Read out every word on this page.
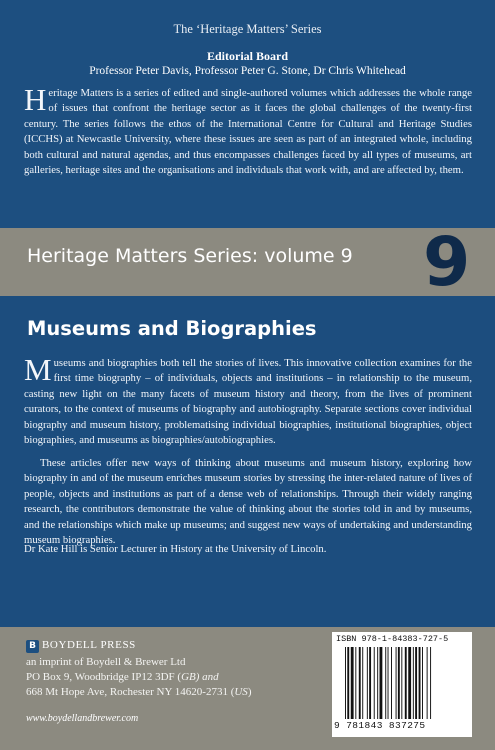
The ‘Heritage Matters’ Series
Editorial Board
Professor Peter Davis, Professor Peter G. Stone, Dr Chris Whitehead
Heritage Matters is a series of edited and single-authored volumes which addresses the whole range of issues that confront the heritage sector as it faces the global challenges of the twenty-first century. The series follows the ethos of the International Centre for Cultural and Heritage Studies (ICCHS) at Newcastle University, where these issues are seen as part of an integrated whole, including both cultural and natural agendas, and thus encompasses challenges faced by all types of museums, art galleries, heritage sites and the organisations and individuals that work with, and are affected by, them.
Heritage Matters Series: volume 9 9
Museums and Biographies
Museums and biographies both tell the stories of lives. This innovative collection examines for the first time biography – of individuals, objects and institutions – in relationship to the museum, casting new light on the many facets of museum history and theory, from the lives of prominent curators, to the context of museums of biography and autobiography. Separate sections cover individual biography and museum history, problematising individual biographies, institutional biographies, object biographies, and museums as biographies/autobiographies.
These articles offer new ways of thinking about museums and museum history, exploring how biography in and of the museum enriches museum stories by stressing the inter-related nature of lives of people, objects and institutions as part of a dense web of relationships. Through their widely ranging research, the contributors demonstrate the value of thinking about the stories told in and by museums, and the relationships which make up museums; and suggest new ways of undertaking and understanding museum biographies.
Dr Kate Hill is Senior Lecturer in History at the University of Lincoln.
B BOYDELL PRESS
an imprint of Boydell & Brewer Ltd
PO Box 9, Woodbridge IP12 3DF (GB) and
668 Mt Hope Ave, Rochester NY 14620-2731 (US)
www.boydellandbrewer.com
ISBN 978-1-84383-727-5
9 781843 837275
